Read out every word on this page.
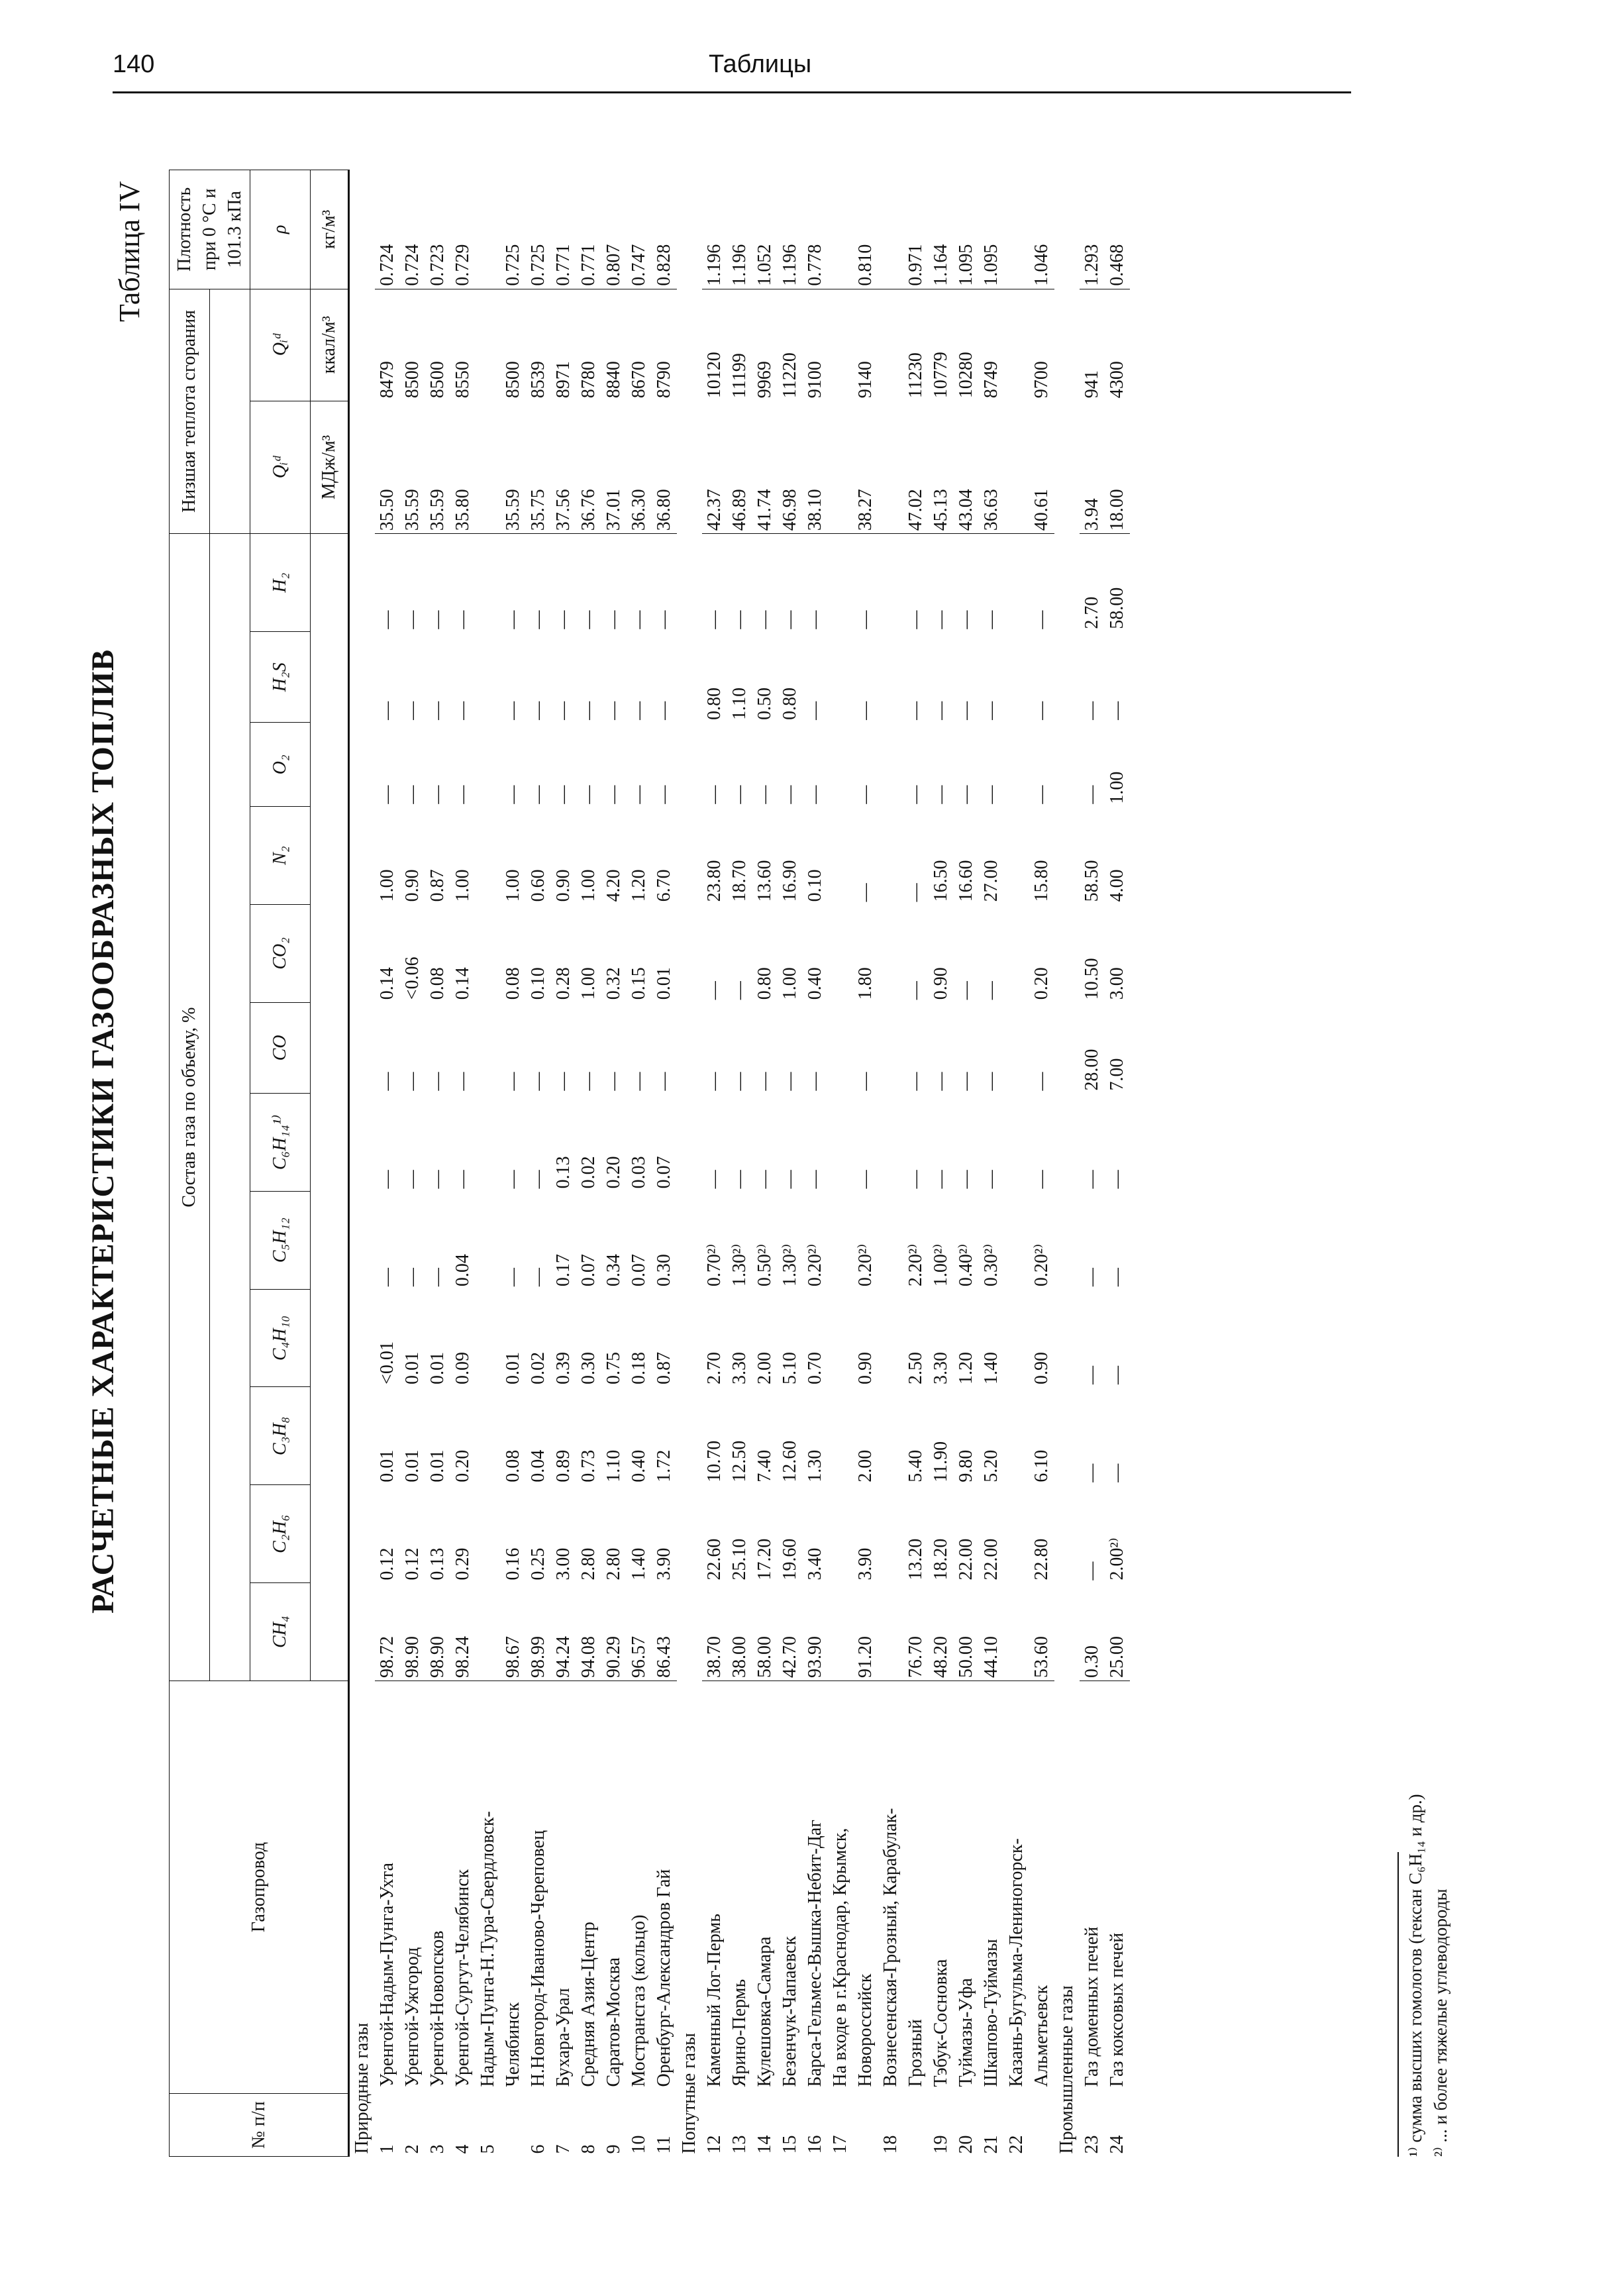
140	Таблицы
РАСЧЕТНЫЕ ХАРАКТЕРИСТИКИ ГАЗООБРАЗНЫХ ТОПЛИВ
Таблица IV
№ п/п	Газопровод	Состав газа по объему, %												Низшая теплота сгорания		Плотность при 0 °С и 101.3 кПа

		CH₄	C₂H₆	C₃H₈	C₄H₁₀	C₅H₁₂	C₆H₁₄¹⁾	CO	CO₂	N₂	O₂	H₂S	H₂	Qᵢᵈ	Qᵢᵈ	ρ
														МДж/м³	ккал/м³	кг/м³
Природные газы																
1	Уренгой-Надым-Пунга-Ухта	98.72	0.12	0.01	<0.01	—	—	—	0.14	1.00	—	—	—	35.50	8479	0.724
2	Уренгой-Ужгород	98.90	0.12	0.01	0.01	—	—	—	<0.06	0.90	—	—	—	35.59	8500	0.724
3	Уренгой-Новопсков	98.90	0.13	0.01	0.01	—	—	—	0.08	0.87	—	—	—	35.59	8500	0.723
4	Уренгой-Сургут-Челябинск	98.24	0.29	0.20	0.09	0.04	—	—	0.14	1.00	—	—	—	35.80	8550	0.729
5	Надым-Пунга-Н.Тура-Свердловск-															
	Челябинск	98.67	0.16	0.08	0.01	—	—	—	0.08	1.00	—	—	—	35.59	8500	0.725
6	Н.Новгород-Иваново-Череповец	98.99	0.25	0.04	0.02	—	—	—	0.10	0.60	—	—	—	35.75	8539	0.725
7	Бухара-Урал	94.24	3.00	0.89	0.39	0.17	0.13	—	0.28	0.90	—	—	—	37.56	8971	0.771
8	Средняя Азия-Центр	94.08	2.80	0.73	0.30	0.07	0.02	—	1.00	1.00	—	—	—	36.76	8780	0.771
9	Саратов-Москва	90.29	2.80	1.10	0.75	0.34	0.20	—	0.32	4.20	—	—	—	37.01	8840	0.807
10	Мострансгаз (кольцо)	96.57	1.40	0.40	0.18	0.07	0.03	—	0.15	1.20	—	—	—	36.30	8670	0.747
11	Оренбург-Александров Гай	86.43	3.90	1.72	0.87	0.30	0.07	—	0.01	6.70	—	—	—	36.80	8790	0.828
Попутные газы																
12	Каменный Лог-Пермь	38.70	22.60	10.70	2.70	0.70²⁾	—	—	—	23.80	—	0.80	—	42.37	10120	1.196
13	Ярино-Пермь	38.00	25.10	12.50	3.30	1.30²⁾	—	—	—	18.70	—	1.10	—	46.89	11199	1.196
14	Кулешовка-Самара	58.00	17.20	7.40	2.00	0.50²⁾	—	—	0.80	13.60	—	0.50	—	41.74	9969	1.052
15	Безенчук-Чапаевск	42.70	19.60	12.60	5.10	1.30²⁾	—	—	1.00	16.90	—	0.80	—	46.98	11220	1.196
16	Барса-Гельмес-Вышка-Небит-Даг	93.90	3.40	1.30	0.70	0.20²⁾	—	—	0.40	0.10	—	—	—	38.10	9100	0.778
17	На входе в г.Краснодар, Крымск,															
	Новороссийск	91.20	3.90	2.00	0.90	0.20²⁾	—	—	1.80	—	—	—	—	38.27	9140	0.810
18	Вознесенская-Грозный, Карабулак-															
	Грозный	76.70	13.20	5.40	2.50	2.20²⁾	—	—	—	—	—	—	—	47.02	11230	0.971
19	Тэбук-Сосновка	48.20	18.20	11.90	3.30	1.00²⁾	—	—	0.90	16.50	—	—	—	45.13	10779	1.164
20	Туймазы-Уфа	50.00	22.00	9.80	1.20	0.40²⁾	—	—	—	16.60	—	—	—	43.04	10280	1.095
21	Шкапово-Туймазы	44.10	22.00	5.20	1.40	0.30²⁾	—	—	—	27.00	—	—	—	36.63	8749	1.095
22	Казань-Бугульма-Лениногорск-															
	Альметьевск	53.60	22.80	6.10	0.90	0.20²⁾	—	—	0.20	15.80	—	—	—	40.61	9700	1.046
Промышленные газы																
23	Газ доменных печей	0.30	—	—	—	—	—	28.00	10.50	58.50	—	—	2.70	3.94	941	1.293
24	Газ коксовых печей	25.00	2.00²⁾	—	—	—	—	7.00	3.00	4.00	1.00	—	58.00	18.00	4300	0.468
¹⁾ сумма высших гомологов (гексан C₆H₁₄ и др.) ²⁾ ... и более тяжелые углеводороды
